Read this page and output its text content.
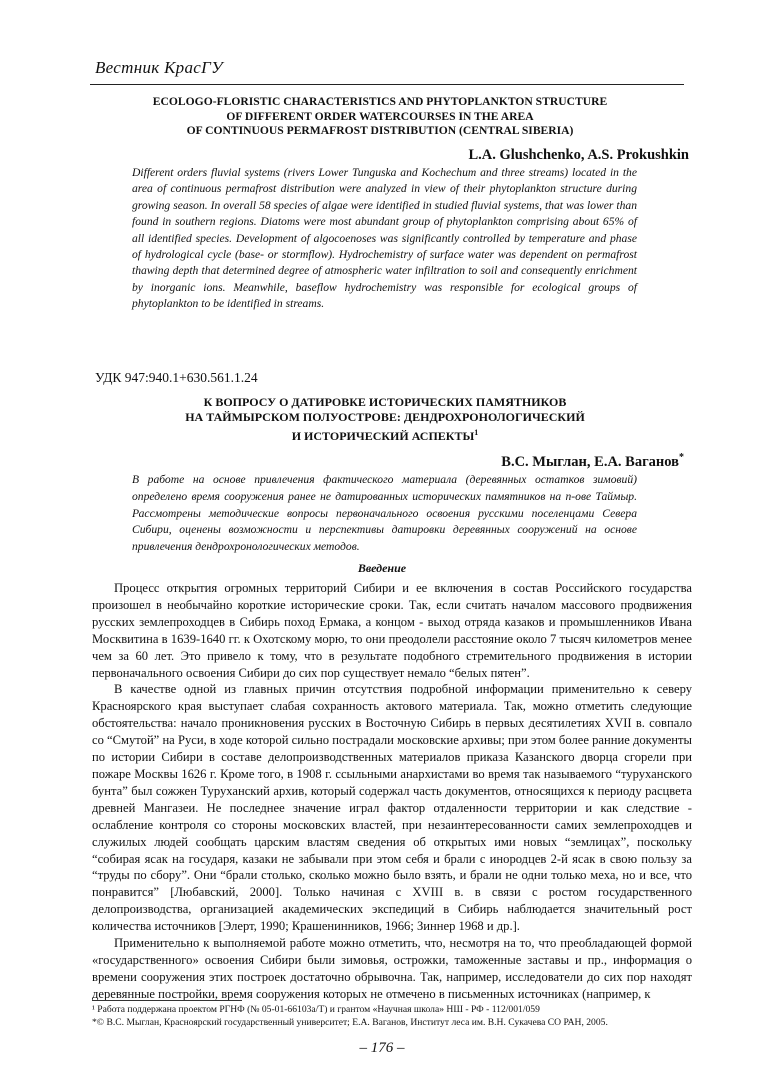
Вестник КрасГУ
ECOLOGO-FLORISTIC CHARACTERISTICS AND PHYTOPLANKTON STRUCTURE
OF DIFFERENT ORDER WATERCOURSES IN THE AREA
OF CONTINUOUS PERMAFROST DISTRIBUTION (CENTRAL SIBERIA)
L.A. Glushchenko, A.S. Prokushkin
Different orders fluvial systems (rivers Lower Tunguska and Kochechum and three streams) located in the area of continuous permafrost distribution were analyzed in view of their phytoplankton structure during growing season. In overall 58 species of algae were identified in studied fluvial systems, that was lower than found in southern regions. Diatoms were most abundant group of phytoplankton comprising about 65% of all identified species. Development of algocoenoses was significantly controlled by temperature and phase of hydrological cycle (base- or stormflow). Hydrochemistry of surface water was dependent on permafrost thawing depth that determined degree of atmospheric water infiltration to soil and consequently enrichment by inorganic ions. Meanwhile, baseflow hydrochemistry was responsible for ecological groups of phytoplankton to be identified in streams.
УДК 947:940.1+630.561.1.24
К ВОПРОСУ О ДАТИРОВКЕ ИСТОРИЧЕСКИХ ПАМЯТНИКОВ
НА ТАЙМЫРСКОМ ПОЛУОСТРОВЕ: ДЕНДРОХРОНОЛОГИЧЕСКИЙ
И ИСТОРИЧЕСКИЙ АСПЕКТЫ$^1$
В.С. Мыглан, Е.А. Ваганов*
В работе на основе привлечения фактического материала (деревянных остатков зимовий) определено время сооружения ранее не датированных исторических памятников на п-ове Таймыр. Рассмотрены методические вопросы первоначального освоения русскими поселенцами Севера Сибири, оценены возможности и перспективы датировки деревянных сооружений на основе привлечения дендрохронологических методов.
Введение

Процесс открытия огромных территорий Сибири и ее включения в состав Российского государства произошел в необычайно короткие исторические сроки. Так, если считать началом массового продвижения русских землепроходцев в Сибирь поход Ермака, а концом - выход отряда казаков и промышленников Ивана Москвитина в 1639-1640 гг. к Охотскому морю, то они преодолели расстояние около 7 тысяч километров менее чем за 60 лет. Это привело к тому, что в результате подобного стремительного продвижения в истории первоначального освоения Сибири до сих пор существует немало “белых пятен”.

В качестве одной из главных причин отсутствия подробной информации применительно к северу Красноярского края выступает слабая сохранность актового материала. Так, можно отметить следующие обстоятельства: начало проникновения русских в Восточную Сибирь в первых десятилетиях XVII в. совпало со “Смутой” на Руси, в ходе которой сильно пострадали московские архивы; при этом более ранние документы по истории Сибири в составе делопроизводственных материалов приказа Казанского дворца сгорели при пожаре Москвы 1626 г. Кроме того, в 1908 г. ссыльными анархистами во время так называемого “туруханского бунта” был сожжен Туруханский архив, который содержал часть документов, относящихся к периоду расцвета древней Мангазеи. Не последнее значение играл фактор отдаленности территории и как следствие - ослабление контроля со стороны московских властей, при незаинтересованности самих землепроходцев и служилых людей сообщать царским властям сведения об открытых ими новых “землицах”, поскольку “собирая ясак на государя, казаки не забывали при этом себя и брали с инородцев 2-й ясак в свою пользу за “труды по сбору”. Они “брали столько, сколько можно было взять, и брали не одни только меха, но и все, что понравится” [Любавский, 2000]. Только начиная с XVIII в. в связи с ростом государственного делопроизводства, организацией академических экспедиций в Сибирь наблюдается значительный рост количества источников [Элерт, 1990; Крашенинников, 1966; Зиннер 1968 и др.].

Применительно к выполняемой работе можно отметить, что, несмотря на то, что преобладающей формой «государственного» освоения Сибири были зимовья, острожки, таможенные заставы и пр., информация о времени сооружения этих построек достаточно обрывочна. Так, например, исследователи до сих пор находят деревянные постройки, время сооружения которых не отмечено в письменных источниках (например, к

¹ Работа поддержана проектом РГНФ (№ 05-01-66103а/Т) и грантом «Научная школа» НШ - РФ - 112/001/059

*© В.С. Мыглан, Красноярский государственный университет; Е.А. Ваганов, Институт леса им. В.Н. Сукачева СО РАН, 2005.

– 176 –
